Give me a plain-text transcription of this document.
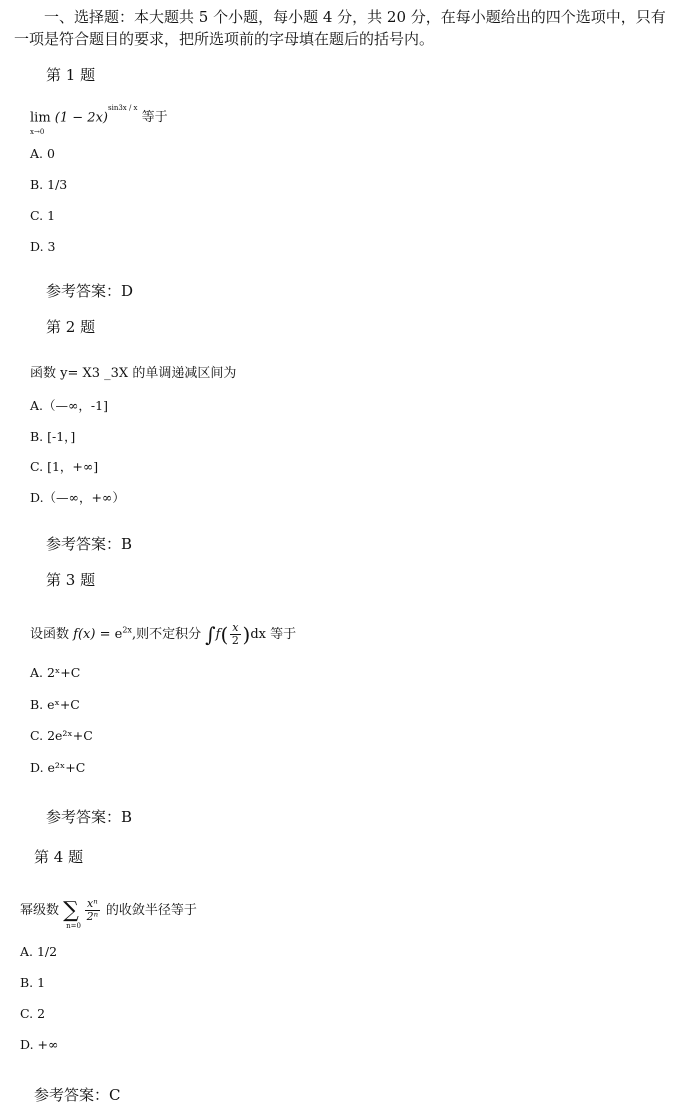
一、选择题：本大题共 5 个小题，每小题 4 分，共 20 分，在每小题给出的四个选项中，只有一项是符合题目的要求，把所选项前的字母填在题后的括号内。
第 1 题
lim
x→0
$(1 - 2x)^{sin3x / x}$ 等于
A. 0
B. 1/3
C. 1
D. 3
参考答案：D
第 2 题
函数 y= X3 _3X 的单调递减区间为
A.（—∞，-1]
B. [-1，]
C. [1，+∞]
D.（—∞，+∞）
参考答案：B
第 3 题
设函数 $f(x) = e^{2x}$,则不定积分 $\int f( \frac{x}{2} )dx$ 等于
A. 2ˣ+C
B. eˣ+C
C. 2e²ˣ+C
D. e²ˣ+C
参考答案：B
第 4 题
幂级数 ∑
n=0

$\frac{\text{xⁿ}}{\text{2ⁿ}}$ 的收敛半径等于
A. 1/2
B. 1
C. 2
D. +∞
参考答案：C
